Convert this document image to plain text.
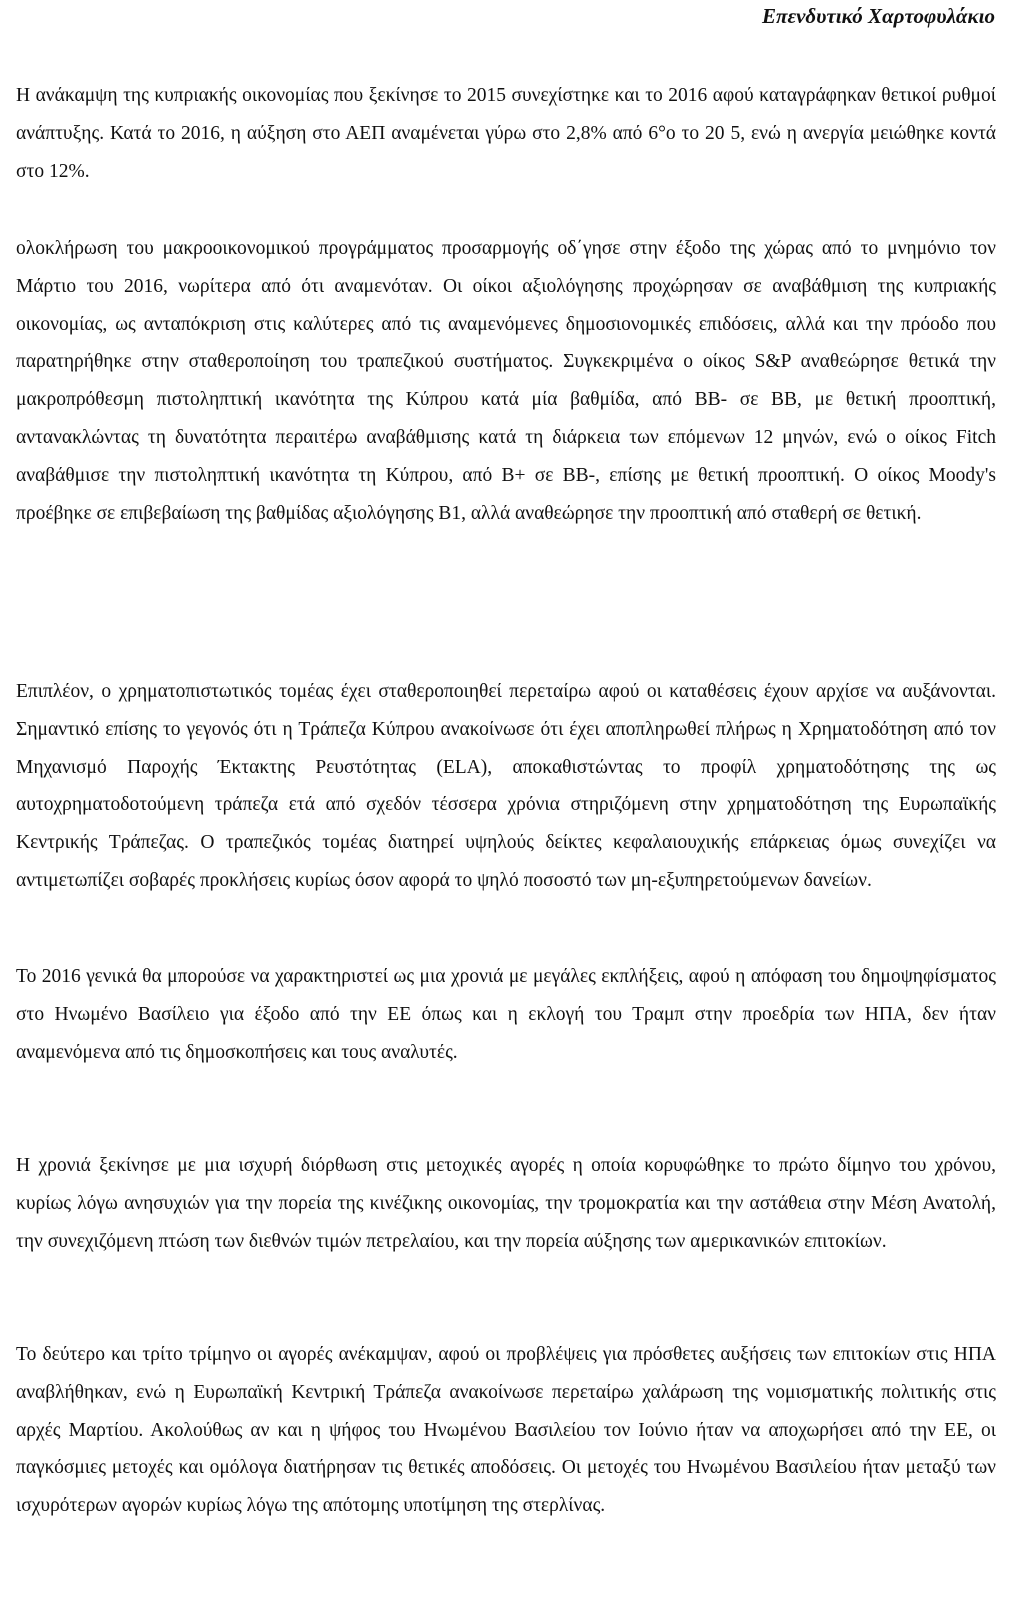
Επενδυτικό Χαρτοφυλάκιο

Η ανάκαμψη της κυπριακής οικονομίας που ξεκίνησε το 2015 συνεχίστηκε και το 2016 αφού καταγράφηκαν θετικοί ρυθμοί ανάπτυξης. Κατά το 2016, η αύξηση στο ΑΕΠ αναμένεται γύρω στο 2,8% από 6°o το 20 5, ενώ η ανεργία μειώθηκε κοντά στο 12%.

ολοκλήρωση του μακροοικονομικού προγράμματος προσαρμογής οδ΄γησε στην έξοδο της χώρας από το μνημόνιο τον Μάρτιο του 2016, νωρίτερα από ότι αναμενόταν. Οι οίκοι αξιολόγησης προχώρησαν σε αναβάθμιση της κυπριακής οικονομίας, ως ανταπόκριση στις καλύτερες από τις αναμενόμενες δημοσιονομικές επιδόσεις, αλλά και την πρόοδο που παρατηρήθηκε στην σταθεροποίηση του τραπεζικού συστήματος. Συγκεκριμένα ο οίκος S&P αναθεώρησε θετικά την μακροπρόθεσμη πιστοληπτική ικανότητα της Κύπρου κατά μία βαθμίδα, από BB- σε BB, με θετική προοπτική, αντανακλώντας τη δυνατότητα περαιτέρω αναβάθμισης κατά τη διάρκεια των επόμενων 12 μηνών, ενώ ο οίκος Fitch αναβάθμισε την πιστοληπτική ικανότητα τη Κύπρου, από B+ σε BB-, επίσης με θετική προοπτική. Ο οίκος Moody's προέβηκε σε επιβεβαίωση της βαθμίδας αξιολόγησης B1, αλλά αναθεώρησε την προοπτική από σταθερή σε θετική.

Επιπλέον, ο χρηματοπιστωτικός τομέας έχει σταθεροποιηθεί περεταίρω αφού οι καταθέσεις έχουν αρχίσε να αυξάνονται. Σημαντικό επίσης το γεγονός ότι η Τράπεζα Κύπρου ανακοίνωσε ότι έχει αποπληρωθεί πλήρως η Χρηματοδότηση από τον Μηχανισμό Παροχής Έκτακτης Ρευστότητας (ELA), αποκαθιστώντας το προφίλ χρηματοδότησης της ως αυτοχρηματοδοτούμενη τράπεζα ετά από σχεδόν τέσσερα χρόνια στηριζόμενη στην χρηματοδότηση της Ευρωπαϊκής Κεντρικής Τράπεζας. Ο τραπεζικός τομέας διατηρεί υψηλούς δείκτες κεφαλαιουχικής επάρκειας όμως συνεχίζει να αντιμετωπίζει σοβαρές προκλήσεις κυρίως όσον αφορά το ψηλό ποσοστό των μη-εξυπηρετούμενων δανείων.

Το 2016 γενικά θα μπορούσε να χαρακτηριστεί ως μια χρονιά με μεγάλες εκπλήξεις, αφού η απόφαση του δημοψηφίσματος στο Ηνωμένο Βασίλειο για έξοδο από την ΕΕ όπως και η εκλογή του Τραμπ στην προεδρία των ΗΠΑ, δεν ήταν αναμενόμενα από τις δημοσκοπήσεις και τους αναλυτές.

Η χρονιά ξεκίνησε με μια ισχυρή διόρθωση στις μετοχικές αγορές η οποία κορυφώθηκε το πρώτο δίμηνο του χρόνου, κυρίως λόγω ανησυχιών για την πορεία της κινέζικης οικονομίας, την τρομοκρατία και την αστάθεια στην Μέση Ανατολή, την συνεχιζόμενη πτώση των διεθνών τιμών πετρελαίου, και την πορεία αύξησης των αμερικανικών επιτοκίων.

Το δεύτερο και τρίτο τρίμηνο οι αγορές ανέκαμψαν, αφού οι προβλέψεις για πρόσθετες αυξήσεις των επιτοκίων στις ΗΠΑ αναβλήθηκαν, ενώ η Ευρωπαϊκή Κεντρική Τράπεζα ανακοίνωσε περεταίρω χαλάρωση της νομισματικής πολιτικής στις αρχές Μαρτίου. Ακολούθως αν και η ψήφος του Ηνωμένου Βασιλείου τον Ιούνιο ήταν να αποχωρήσει από την ΕΕ, οι παγκόσμιες μετοχές και ομόλογα διατήρησαν τις θετικές αποδόσεις. Οι μετοχές του Ηνωμένου Βασιλείου ήταν μεταξύ των ισχυρότερων αγορών κυρίως λόγω της απότομης υποτίμηση της στερλίνας.
